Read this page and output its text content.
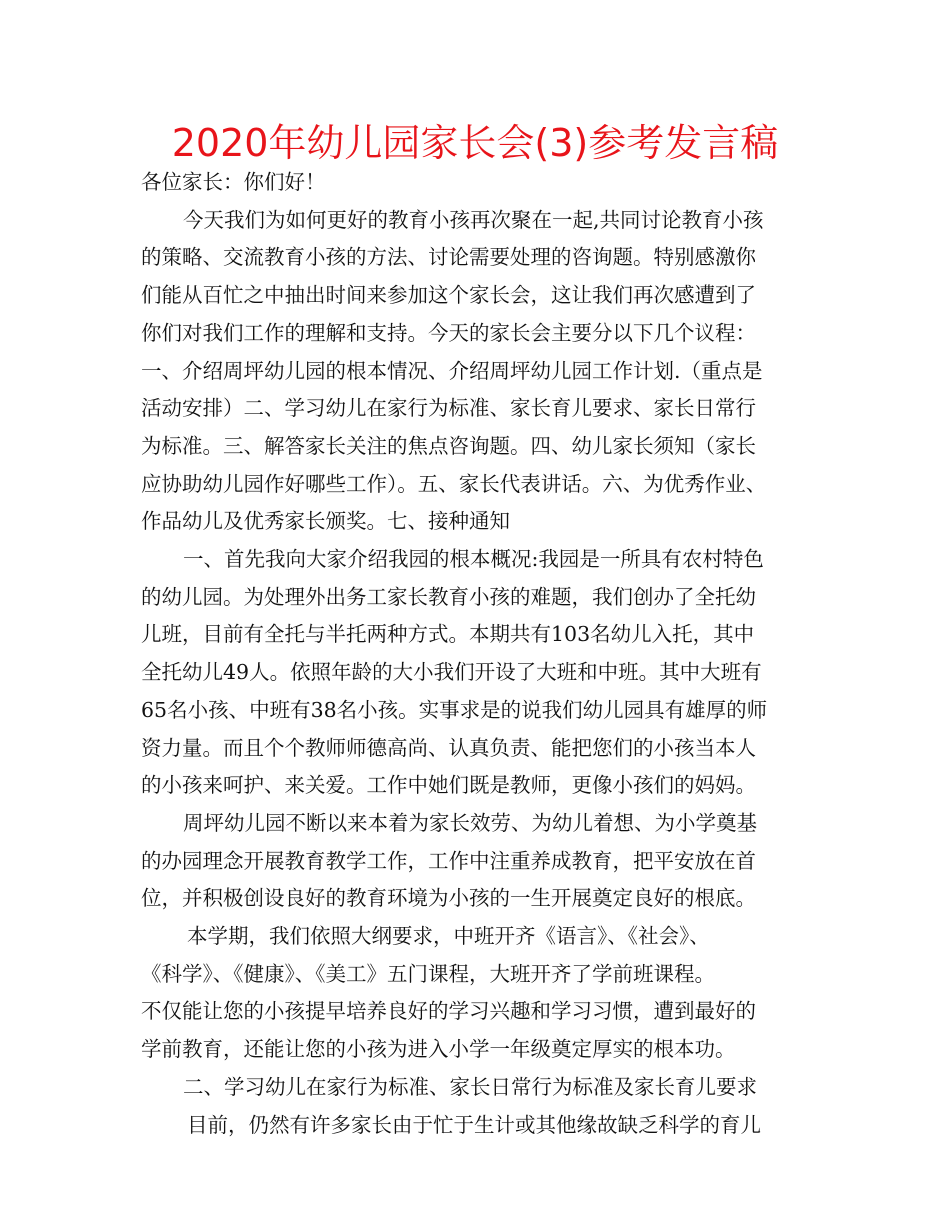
2020年幼儿园家长会(3)参考发言稿

各位家长：你们好！

今天我们为如何更好的教育小孩再次聚在一起,共同讨论教育小孩

的策略、交流教育小孩的方法、讨论需要处理的咨询题。特别感激你

们能从百忙之中抽出时间来参加这个家长会，这让我们再次感遭到了

你们对我们工作的理解和支持。今天的家长会主要分以下几个议程：

一、介绍周坪幼儿园的根本情况、介绍周坪幼儿园工作计划.（重点是

活动安排）二、学习幼儿在家行为标准、家长育儿要求、家长日常行

为标准。三、解答家长关注的焦点咨询题。四、幼儿家长须知（家长

应协助幼儿园作好哪些工作）。五、家长代表讲话。六、为优秀作业、

作品幼儿及优秀家长颁奖。七、接种通知

一、首先我向大家介绍我园的根本概况:我园是一所具有农村特色

的幼儿园。为处理外出务工家长教育小孩的难题，我们创办了全托幼

儿班，目前有全托与半托两种方式。本期共有103名幼儿入托，其中

全托幼儿49人。依照年龄的大小我们开设了大班和中班。其中大班有

65名小孩、中班有38名小孩。实事求是的说我们幼儿园具有雄厚的师

资力量。而且个个教师师德高尚、认真负责、能把您们的小孩当本人

的小孩来呵护、来关爱。工作中她们既是教师，更像小孩们的妈妈。

周坪幼儿园不断以来本着为家长效劳、为幼儿着想、为小学奠基

的办园理念开展教育教学工作，工作中注重养成教育，把平安放在首

位，并积极创设良好的教育环境为小孩的一生开展奠定良好的根底。

本学期，我们依照大纲要求，中班开齐《语言》、《社会》、

《科学》、《健康》、《美工》五门课程，大班开齐了学前班课程。

不仅能让您的小孩提早培养良好的学习兴趣和学习习惯，遭到最好的

学前教育，还能让您的小孩为进入小学一年级奠定厚实的根本功。

二、学习幼儿在家行为标准、家长日常行为标准及家长育儿要求

目前，仍然有许多家长由于忙于生计或其他缘故缺乏科学的育儿
